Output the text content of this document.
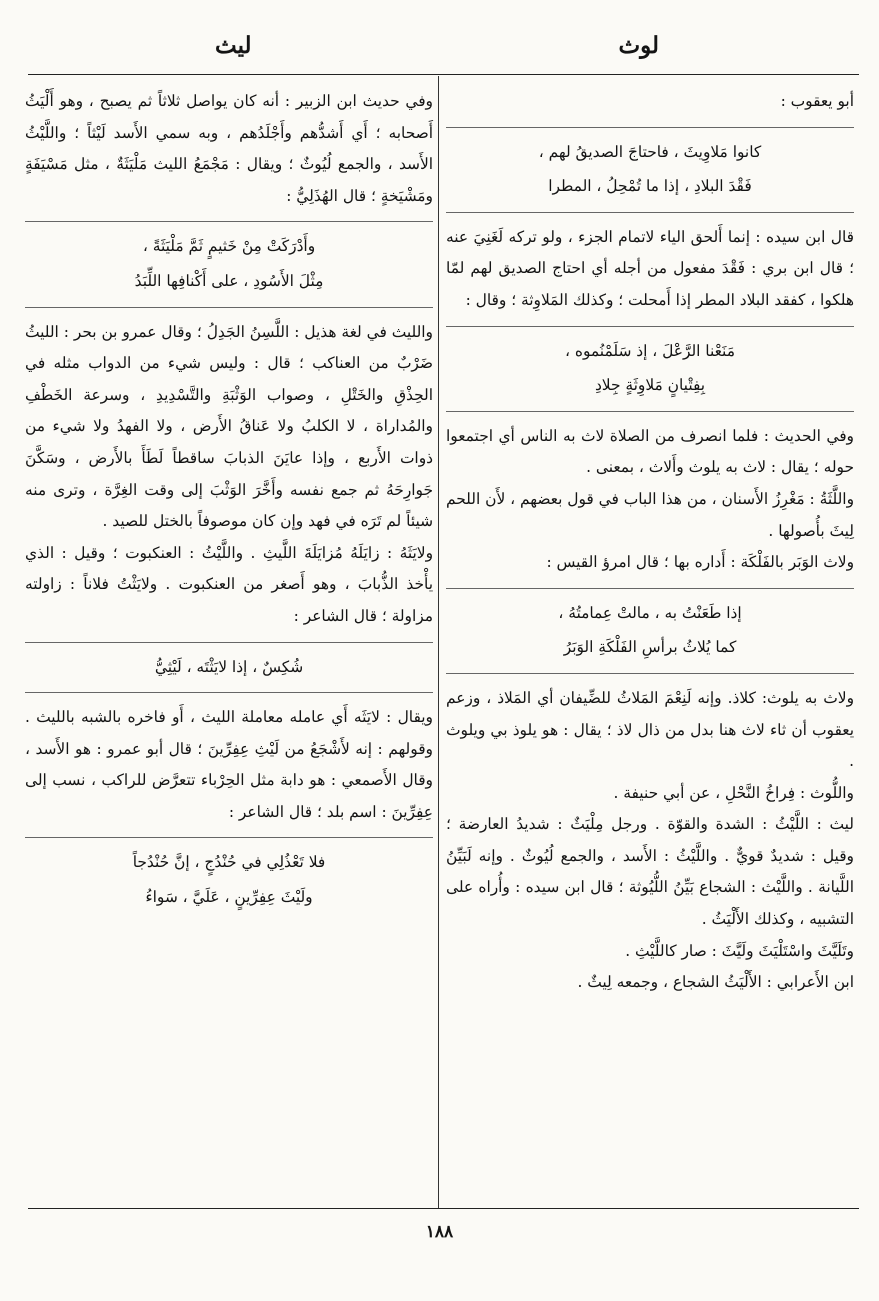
لوث
ليث

أبو يعقوب :

كانوا مَلاوِيثَ ، فاحتاجَ الصديقُ لهم ،

فَقْدَ البلادِ ، إذا ما تُمْحِلُ ، المطرا

قال ابن سيده : إنما أَلحق الياء لاتمام الجزء ، ولو تركه لَغَنِيَ عنه ؛ قال ابن بري : فَقْدَ مفعول من أجله أي احتاج الصديق لهم لمّا هلكوا ، كفقد البلاد المطر إذا أَمحلت ؛ وكذلك المَلاوِثة ؛ وقال :

مَنَعْنا الرَّعْلَ ، إذ سَلَمْنُموه ،

بِفِتْيانٍ مَلاوِثَةٍ جِلادِ

وفي الحديث : فلما انصرف من الصلاة لاث به الناس أي اجتمعوا حوله ؛ يقال : لاث به يلوث وأَلاث ، بمعنى .

واللَّثَةُ : مَغْرِزُ الأَسنان ، من هذا الباب في قول بعضهم ، لأَن اللحم لِيثَ بأُصولها .

ولاث الوَبَر بالفَلْكَة : أَداره بها ؛ قال امرؤ القيس :

إذا طَعَنْتُ به ، مالتْ عِمامتُهُ ،

كما يُلاثُ برأسِ الفَلْكَةِ الوَبَرُ

ولاث به يلوث: كلاذ. وإنه لَنِعْمَ المَلاثُ للضِّيفان أي المَلاذ ، وزعم يعقوب أن ثاء لاث هنا بدل من ذال لاذ ؛ يقال : هو يلوذ بي ويلوث .

واللُّوث : فِراخُ النَّحْلِ ، عن أبي حنيفة .

ليث : اللَّيْثُ : الشدة والقوّة . ورجل مِلْيَثٌ : شديدُ العارضة ؛ وقيل : شديدٌ قويٌّ . واللَّيْثُ : الأَسد ، والجمع لُيُوثٌ . وإنه لَبَيِّنُ اللَّيانة . واللَّيْث : الشجاع بَيِّنُ اللُّيُوثة ؛ قال ابن سيده : وأُراه على التشبيه ، وكذلك الأَلْيَثُ .

وتَلَيَّثَ واسْتَلْيَثَ ولَيَّثَ : صار كاللَّيْثِ .

ابن الأَعرابي : الأَلْيَثُ الشجاع ، وجمعه لِيثٌ .

وفي حديث ابن الزبير : أنه كان يواصل ثلاثاً ثم يصبح ، وهو أَلْيَثُ أَصحابه ؛ أَي أَشدُّهم وأَجْلَدُهم ، وبه سمي الأَسد لَيْثاً ؛ واللَّيْثُ الأَسد ، والجمع لُيُوثٌ ؛ ويقال : مَجْمَعُ الليث مَلْيَثَةٌ ، مثل مَسْيَفَةٍ ومَشْيَخةٍ ؛ قال الهُذَلِيُّ :

وأَدْرَكَتْ مِنْ خَثيمٍ ثَمَّ مَلْيَثَةً ،

مِثْلَ الأَسُودِ ، على أَكْنافِها اللِّبَدُ

والليث في لغة هذيل : اللَّسِنُ الجَدِلُ ؛ وقال عمرو بن بحر : الليثُ ضَرْبٌ من العناكب ؛ قال : وليس شيء من الدواب مثله في الحِذْقِ والخَتْلِ ، وصواب الوَثْبَةِ والتَّسْدِيدِ ، وسرعة الخَطْفِ والمُداراة ، لا الكلبُ ولا عَناقُ الأَرض ، ولا الفهدُ ولا شيء من ذوات الأَربع ، وإذا عايَنَ الذبابَ ساقطاً لَطَأَ بالأَرض ، وسَكَّنَ جَوارِحَهُ ثم جمع نفسه وأَخَّرَ الوَثْبَ إلى وقت الغِرَّة ، وترى منه شيئاً لم تَرَه في فهد وإن كان موصوفاً بالختل للصيد .

ولايَثَهُ : زايَلَهُ مُزايَلَةَ اللَّيثِ . واللَّيْثُ : العنكبوت ؛ وقيل : الذي يأْخذ الذُّبابَ ، وهو أَصغر من العنكبوت . ولايَثْتُ فلاناً : زاولته مزاولة ؛ قال الشاعر :

شُكِسٌ ، إذا لايَثْتَه ، لَيْثِيُّ

ويقال : لايَثَه أَي عامله معاملة الليث ، أَو فاخره بالشبه بالليث . وقولهم : إنه لأَشْجَعُ من لَيْثِ عِفِرِّينَ ؛ قال أبو عمرو : هو الأَسد ، وقال الأَصمعي : هو دابة مثل الحِرْباء تتعرَّض للراكب ، نسب إلى عِفِرِّينَ : اسم بلد ؛ قال الشاعر :

فلا تَعْذُلِي في حُنْدُجٍ ، إنَّ حُنْدُجاً

ولَيْثَ عِفِرِّينٍ ، عَلَيَّ ، سَواءُ

١٨٨
